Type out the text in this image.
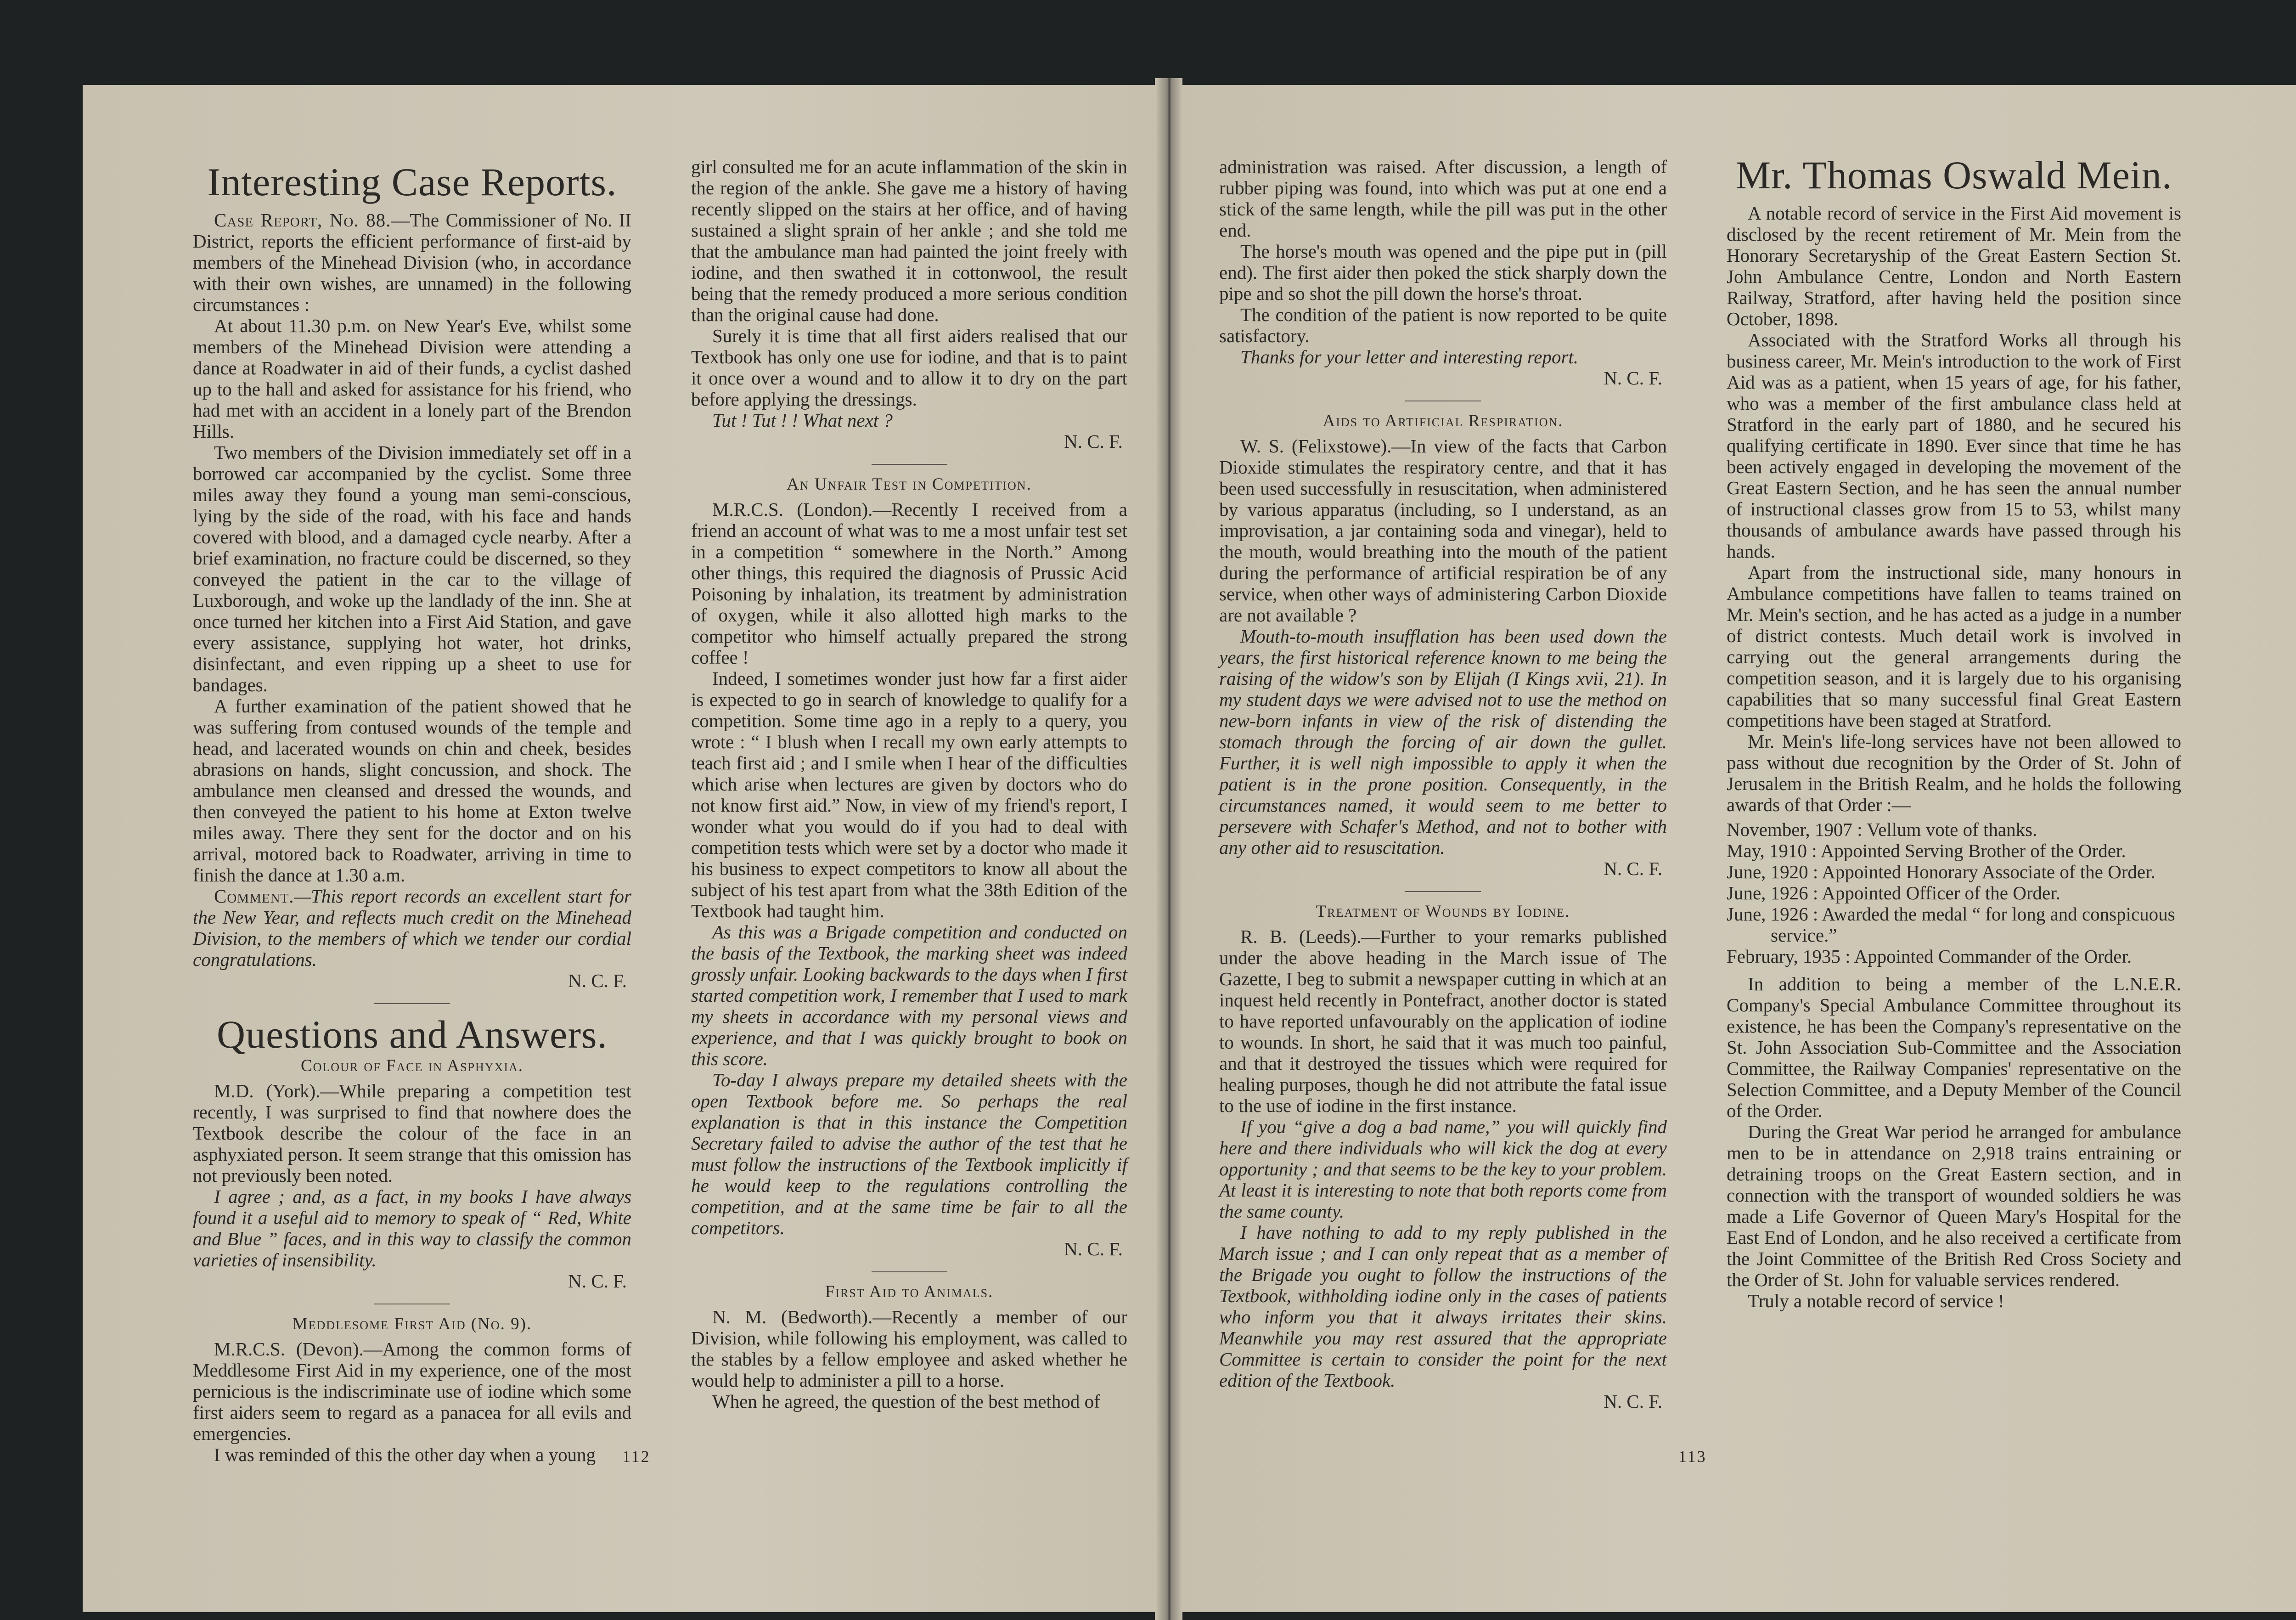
Interesting Case Reports.

Case Report, No. 88.—The Commissioner of No. II District, reports the efficient performance of first-aid by members of the Minehead Division (who, in accordance with their own wishes, are unnamed) in the following circumstances :

At about 11.30 p.m. on New Year's Eve, whilst some members of the Minehead Division were attending a dance at Roadwater in aid of their funds, a cyclist dashed up to the hall and asked for assistance for his friend, who had met with an accident in a lonely part of the Brendon Hills.

Two members of the Division immediately set off in a borrowed car accompanied by the cyclist. Some three miles away they found a young man semi-conscious, lying by the side of the road, with his face and hands covered with blood, and a damaged cycle nearby. After a brief examination, no fracture could be discerned, so they conveyed the patient in the car to the village of Luxborough, and woke up the landlady of the inn. She at once turned her kitchen into a First Aid Station, and gave every assistance, supplying hot water, hot drinks, disinfectant, and even ripping up a sheet to use for bandages.

A further examination of the patient showed that he was suffering from contused wounds of the temple and head, and lacerated wounds on chin and cheek, besides abrasions on hands, slight concussion, and shock. The ambulance men cleansed and dressed the wounds, and then conveyed the patient to his home at Exton twelve miles away. There they sent for the doctor and on his arrival, motored back to Roadwater, arriving in time to finish the dance at 1.30 a.m.

Comment.—This report records an excellent start for the New Year, and reflects much credit on the Minehead Division, to the members of which we tender our cordial congratulations.

N. C. F.

Questions and Answers.
Colour of Face in Asphyxia.

M.D. (York).—While preparing a competition test recently, I was surprised to find that nowhere does the Textbook describe the colour of the face in an asphyxiated person. It seem strange that this omission has not previously been noted.

I agree ; and, as a fact, in my books I have always found it a useful aid to memory to speak of “ Red, White and Blue ” faces, and in this way to classify the common varieties of insensibility.

N. C. F.

Meddlesome First Aid (No. 9).

M.R.C.S. (Devon).—Among the common forms of Meddlesome First Aid in my experience, one of the most pernicious is the indiscriminate use of iodine which some first aiders seem to regard as a panacea for all evils and emergencies.

I was reminded of this the other day when a young

girl consulted me for an acute inflammation of the skin in the region of the ankle. She gave me a history of having recently slipped on the stairs at her office, and of having sustained a slight sprain of her ankle ; and she told me that the ambulance man had painted the joint freely with iodine, and then swathed it in cottonwool, the result being that the remedy produced a more serious condition than the original cause had done.

Surely it is time that all first aiders realised that our Textbook has only one use for iodine, and that is to paint it once over a wound and to allow it to dry on the part before applying the dressings.

Tut ! Tut ! ! What next ?

N. C. F.

An Unfair Test in Competition.

M.R.C.S. (London).—Recently I received from a friend an account of what was to me a most unfair test set in a competition “ somewhere in the North.” Among other things, this required the diagnosis of Prussic Acid Poisoning by inhalation, its treatment by administration of oxygen, while it also allotted high marks to the competitor who himself actually prepared the strong coffee !

Indeed, I sometimes wonder just how far a first aider is expected to go in search of knowledge to qualify for a competition. Some time ago in a reply to a query, you wrote : “ I blush when I recall my own early attempts to teach first aid ; and I smile when I hear of the difficulties which arise when lectures are given by doctors who do not know first aid.” Now, in view of my friend's report, I wonder what you would do if you had to deal with competition tests which were set by a doctor who made it his business to expect competitors to know all about the subject of his test apart from what the 38th Edition of the Textbook had taught him.

As this was a Brigade competition and conducted on the basis of the Textbook, the marking sheet was indeed grossly unfair. Looking backwards to the days when I first started competition work, I remember that I used to mark my sheets in accordance with my personal views and experience, and that I was quickly brought to book on this score.

To-day I always prepare my detailed sheets with the open Textbook before me. So perhaps the real explanation is that in this instance the Competition Secretary failed to advise the author of the test that he must follow the instructions of the Textbook implicitly if he would keep to the regulations controlling the competition, and at the same time be fair to all the competitors.

N. C. F.

First Aid to Animals.

N. M. (Bedworth).—Recently a member of our Division, while following his employment, was called to the stables by a fellow employee and asked whether he would help to administer a pill to a horse.

When he agreed, the question of the best method of

112

administration was raised. After discussion, a length of rubber piping was found, into which was put at one end a stick of the same length, while the pill was put in the other end.

The horse's mouth was opened and the pipe put in (pill end). The first aider then poked the stick sharply down the pipe and so shot the pill down the horse's throat.

The condition of the patient is now reported to be quite satisfactory.

Thanks for your letter and interesting report.

N. C. F.

Aids to Artificial Respiration.

W. S. (Felixstowe).—In view of the facts that Carbon Dioxide stimulates the respiratory centre, and that it has been used successfully in resuscitation, when administered by various apparatus (including, so I understand, as an improvisation, a jar containing soda and vinegar), held to the mouth, would breathing into the mouth of the patient during the performance of artificial respiration be of any service, when other ways of administering Carbon Dioxide are not available ?

Mouth-to-mouth insufflation has been used down the years, the first historical reference known to me being the raising of the widow's son by Elijah (I Kings xvii, 21). In my student days we were advised not to use the method on new-born infants in view of the risk of distending the stomach through the forcing of air down the gullet. Further, it is well nigh impossible to apply it when the patient is in the prone position. Consequently, in the circumstances named, it would seem to me better to persevere with Schafer's Method, and not to bother with any other aid to resuscitation.

N. C. F.

Treatment of Wounds by Iodine.

R. B. (Leeds).—Further to your remarks published under the above heading in the March issue of The Gazette, I beg to submit a newspaper cutting in which at an inquest held recently in Pontefract, another doctor is stated to have reported unfavourably on the application of iodine to wounds. In short, he said that it was much too painful, and that it destroyed the tissues which were required for healing purposes, though he did not attribute the fatal issue to the use of iodine in the first instance.

If you “give a dog a bad name,” you will quickly find here and there individuals who will kick the dog at every opportunity ; and that seems to be the key to your problem. At least it is interesting to note that both reports come from the same county.

I have nothing to add to my reply published in the March issue ; and I can only repeat that as a member of the Brigade you ought to follow the instructions of the Textbook, withholding iodine only in the cases of patients who inform you that it always irritates their skins. Meanwhile you may rest assured that the appropriate Committee is certain to consider the point for the next edition of the Textbook.

N. C. F.

Mr. Thomas Oswald Mein.

A notable record of service in the First Aid movement is disclosed by the recent retirement of Mr. Mein from the Honorary Secretaryship of the Great Eastern Section St. John Ambulance Centre, London and North Eastern Railway, Stratford, after having held the position since October, 1898.

Associated with the Stratford Works all through his business career, Mr. Mein's introduction to the work of First Aid was as a patient, when 15 years of age, for his father, who was a member of the first ambulance class held at Stratford in the early part of 1880, and he secured his qualifying certificate in 1890. Ever since that time he has been actively engaged in developing the movement of the Great Eastern Section, and he has seen the annual number of instructional classes grow from 15 to 53, whilst many thousands of ambulance awards have passed through his hands.

Apart from the instructional side, many honours in Ambulance competitions have fallen to teams trained on Mr. Mein's section, and he has acted as a judge in a number of district contests. Much detail work is involved in carrying out the general arrangements during the competition season, and it is largely due to his organising capabilities that so many successful final Great Eastern competitions have been staged at Stratford.

Mr. Mein's life-long services have not been allowed to pass without due recognition by the Order of St. John of Jerusalem in the British Realm, and he holds the following awards of that Order :—

November, 1907 : Vellum vote of thanks.

May, 1910 : Appointed Serving Brother of the Order.

June, 1920 : Appointed Honorary Associate of the Order.

June, 1926 : Appointed Officer of the Order.

June, 1926 : Awarded the medal “ for long and conspicuous service.”

February, 1935 : Appointed Commander of the Order.

In addition to being a member of the L.N.E.R. Company's Special Ambulance Committee throughout its existence, he has been the Company's representative on the St. John Association Sub-Committee and the Association Committee, the Railway Companies' representative on the Selection Committee, and a Deputy Member of the Council of the Order.

During the Great War period he arranged for ambulance men to be in attendance on 2,918 trains entraining or detraining troops on the Great Eastern section, and in connection with the transport of wounded soldiers he was made a Life Governor of Queen Mary's Hospital for the East End of London, and he also received a certificate from the Joint Committee of the British Red Cross Society and the Order of St. John for valuable services rendered.

Truly a notable record of service !

113
